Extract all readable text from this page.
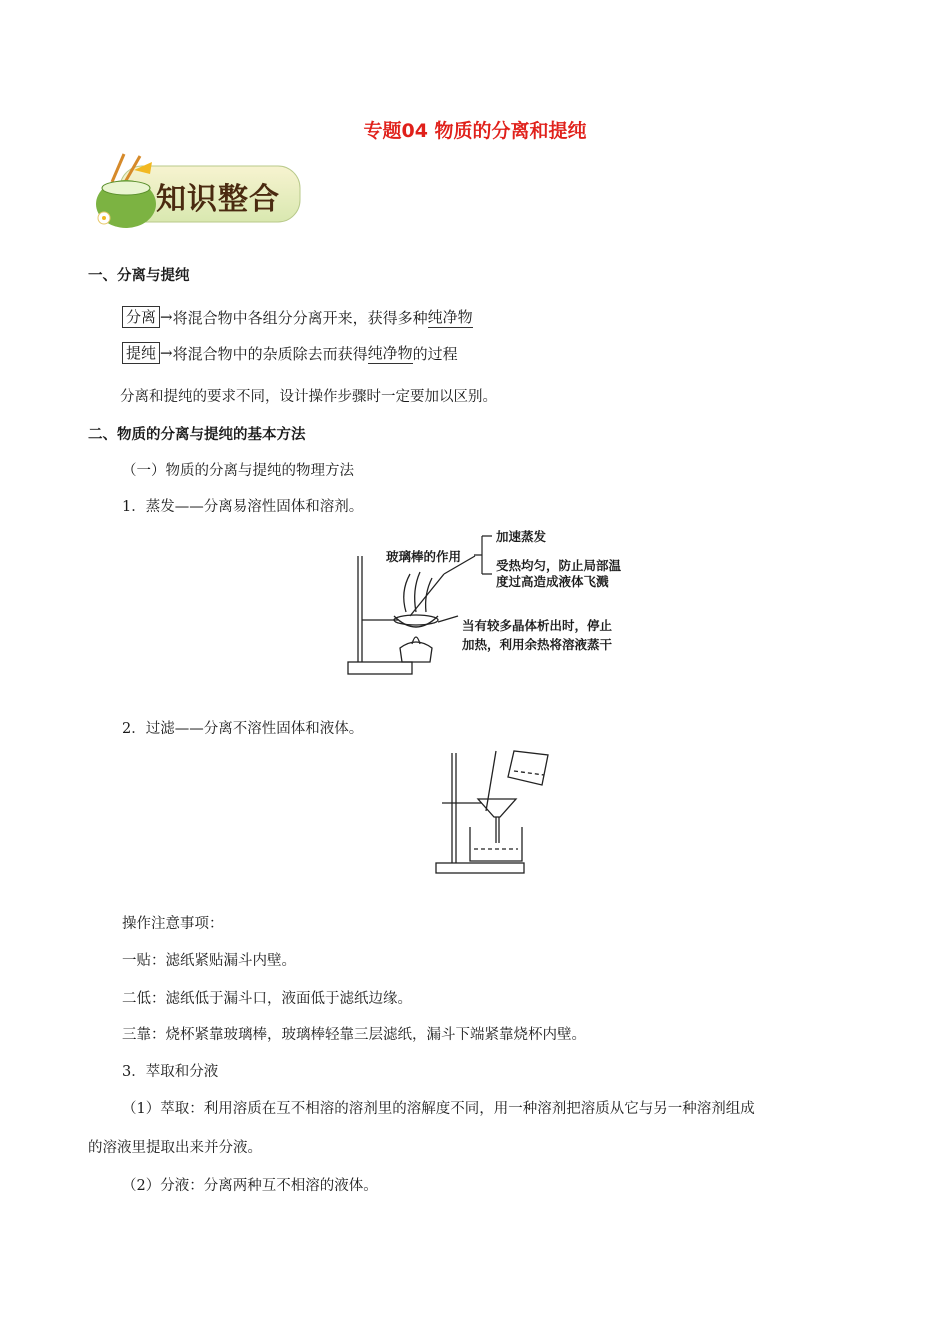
专题04 物质的分离和提纯
知识整合
一、分离与提纯
分离 → 将混合物中各组分分离开来，获得多种 纯净物
提纯 → 将混合物中的杂质除去而获得 纯净物 的过程
分离和提纯的要求不同，设计操作步骤时一定要加以区别。
二、物质的分离与提纯的基本方法
（一）物质的分离与提纯的物理方法
1．蒸发——分离易溶性固体和溶剂。
玻璃棒的作用
加速蒸发
受热均匀，防止局部温
度过高造成液体飞溅
当有较多晶体析出时，停止
加热，利用余热将溶液蒸干
2．过滤——分离不溶性固体和液体。
操作注意事项：
一贴：滤纸紧贴漏斗内壁。
二低：滤纸低于漏斗口，液面低于滤纸边缘。
三靠：烧杯紧靠玻璃棒，玻璃棒轻靠三层滤纸，漏斗下端紧靠烧杯内壁。
3．萃取和分液
（1）萃取：利用溶质在互不相溶的溶剂里的溶解度不同，用一种溶剂把溶质从它与另一种溶剂组成
的溶液里提取出来并分液。
（2）分液：分离两种互不相溶的液体。
